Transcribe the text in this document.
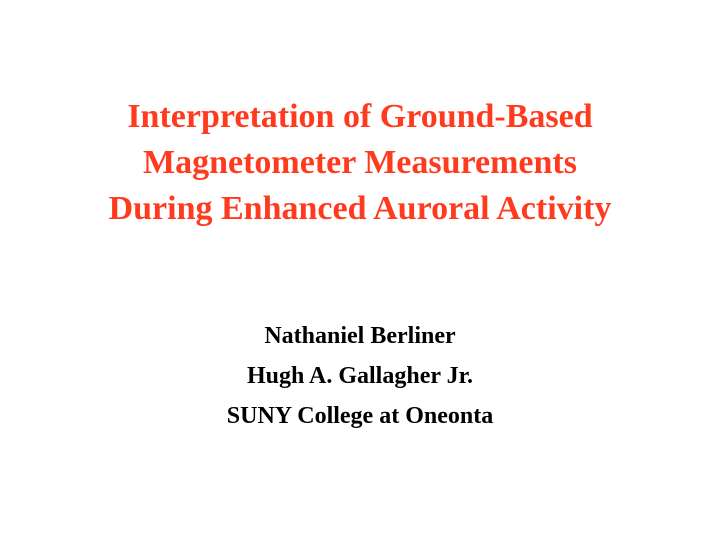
Interpretation of Ground-Based
Magnetometer Measurements
During Enhanced Auroral Activity
Nathaniel Berliner
Hugh A. Gallagher Jr.
SUNY College at Oneonta
